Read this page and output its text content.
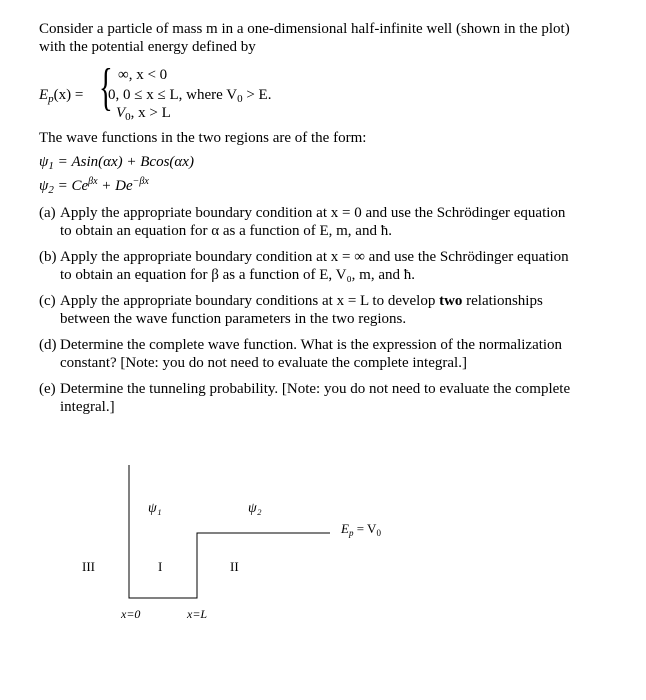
Consider a particle of mass m in a one-dimensional half-infinite well (shown in the plot)
with the potential energy defined by
$E_p(x)$ = { ∞, x < 0
0, 0 ≤ x ≤ L, where $V_0 > E$.
$V_0$, x > L
The wave functions in the two regions are of the form:
$\psi_1 = Asin(\alpha x) + Bcos(\alpha x)$
$\psi_2 = Ce^{\beta x} + De^{-\beta x}$
(a) Apply the appropriate boundary condition at x = 0 and use the Schrödinger equation
to obtain an equation for α as a function of E, m, and ħ.
(b) Apply the appropriate boundary condition at x = ∞ and use the Schrödinger equation
to obtain an equation for β as a function of E, V₀, m, and ħ.
(c) Apply the appropriate boundary conditions at x = L to develop two relationships
between the wave function parameters in the two regions.
(d) Determine the complete wave function. What is the expression of the normalization
constant? [Note: you do not need to evaluate the complete integral.]
(e) Determine the tunneling probability. [Note: you do not need to evaluate the complete
integral.]
ψ₁	ψ₂
$E_p = V_0$
III	I	II
x=0	x=L
